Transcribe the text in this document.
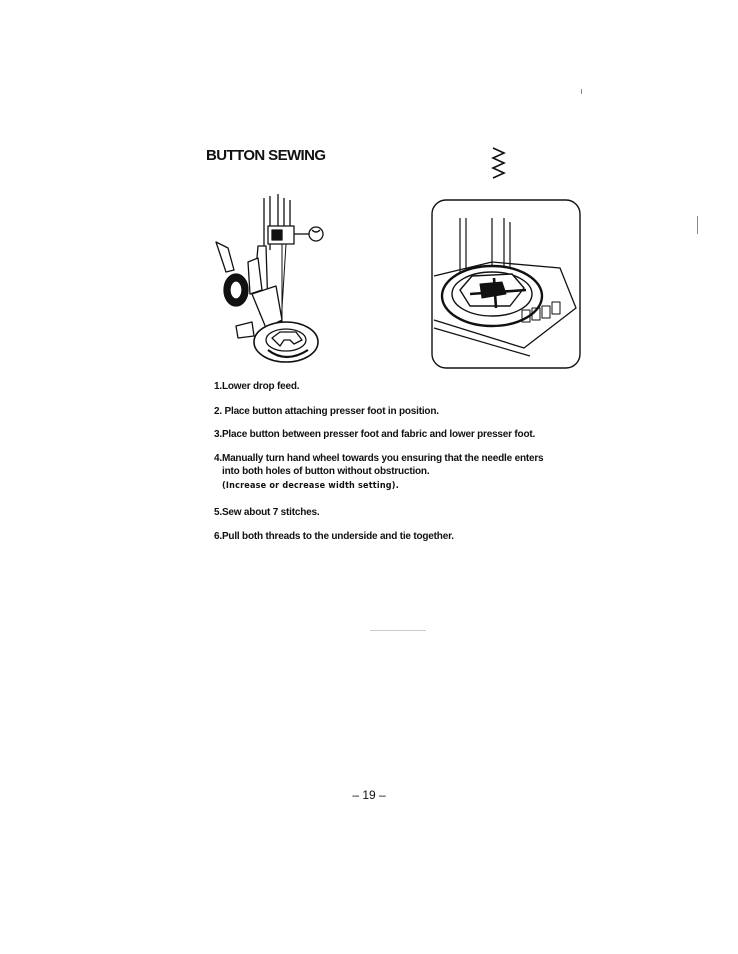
BUTTON SEWING

1.Lower drop feed.

2. Place button attaching presser foot in position.

3.Place button between presser foot and fabric and lower presser foot.

4.Manually turn hand wheel towards you ensuring that the needle enters
into both holes of button without obstruction.

(Increase or decrease width setting).

5.Sew about 7 stitches.

6.Pull both threads to the underside and tie together.

– 19 –
